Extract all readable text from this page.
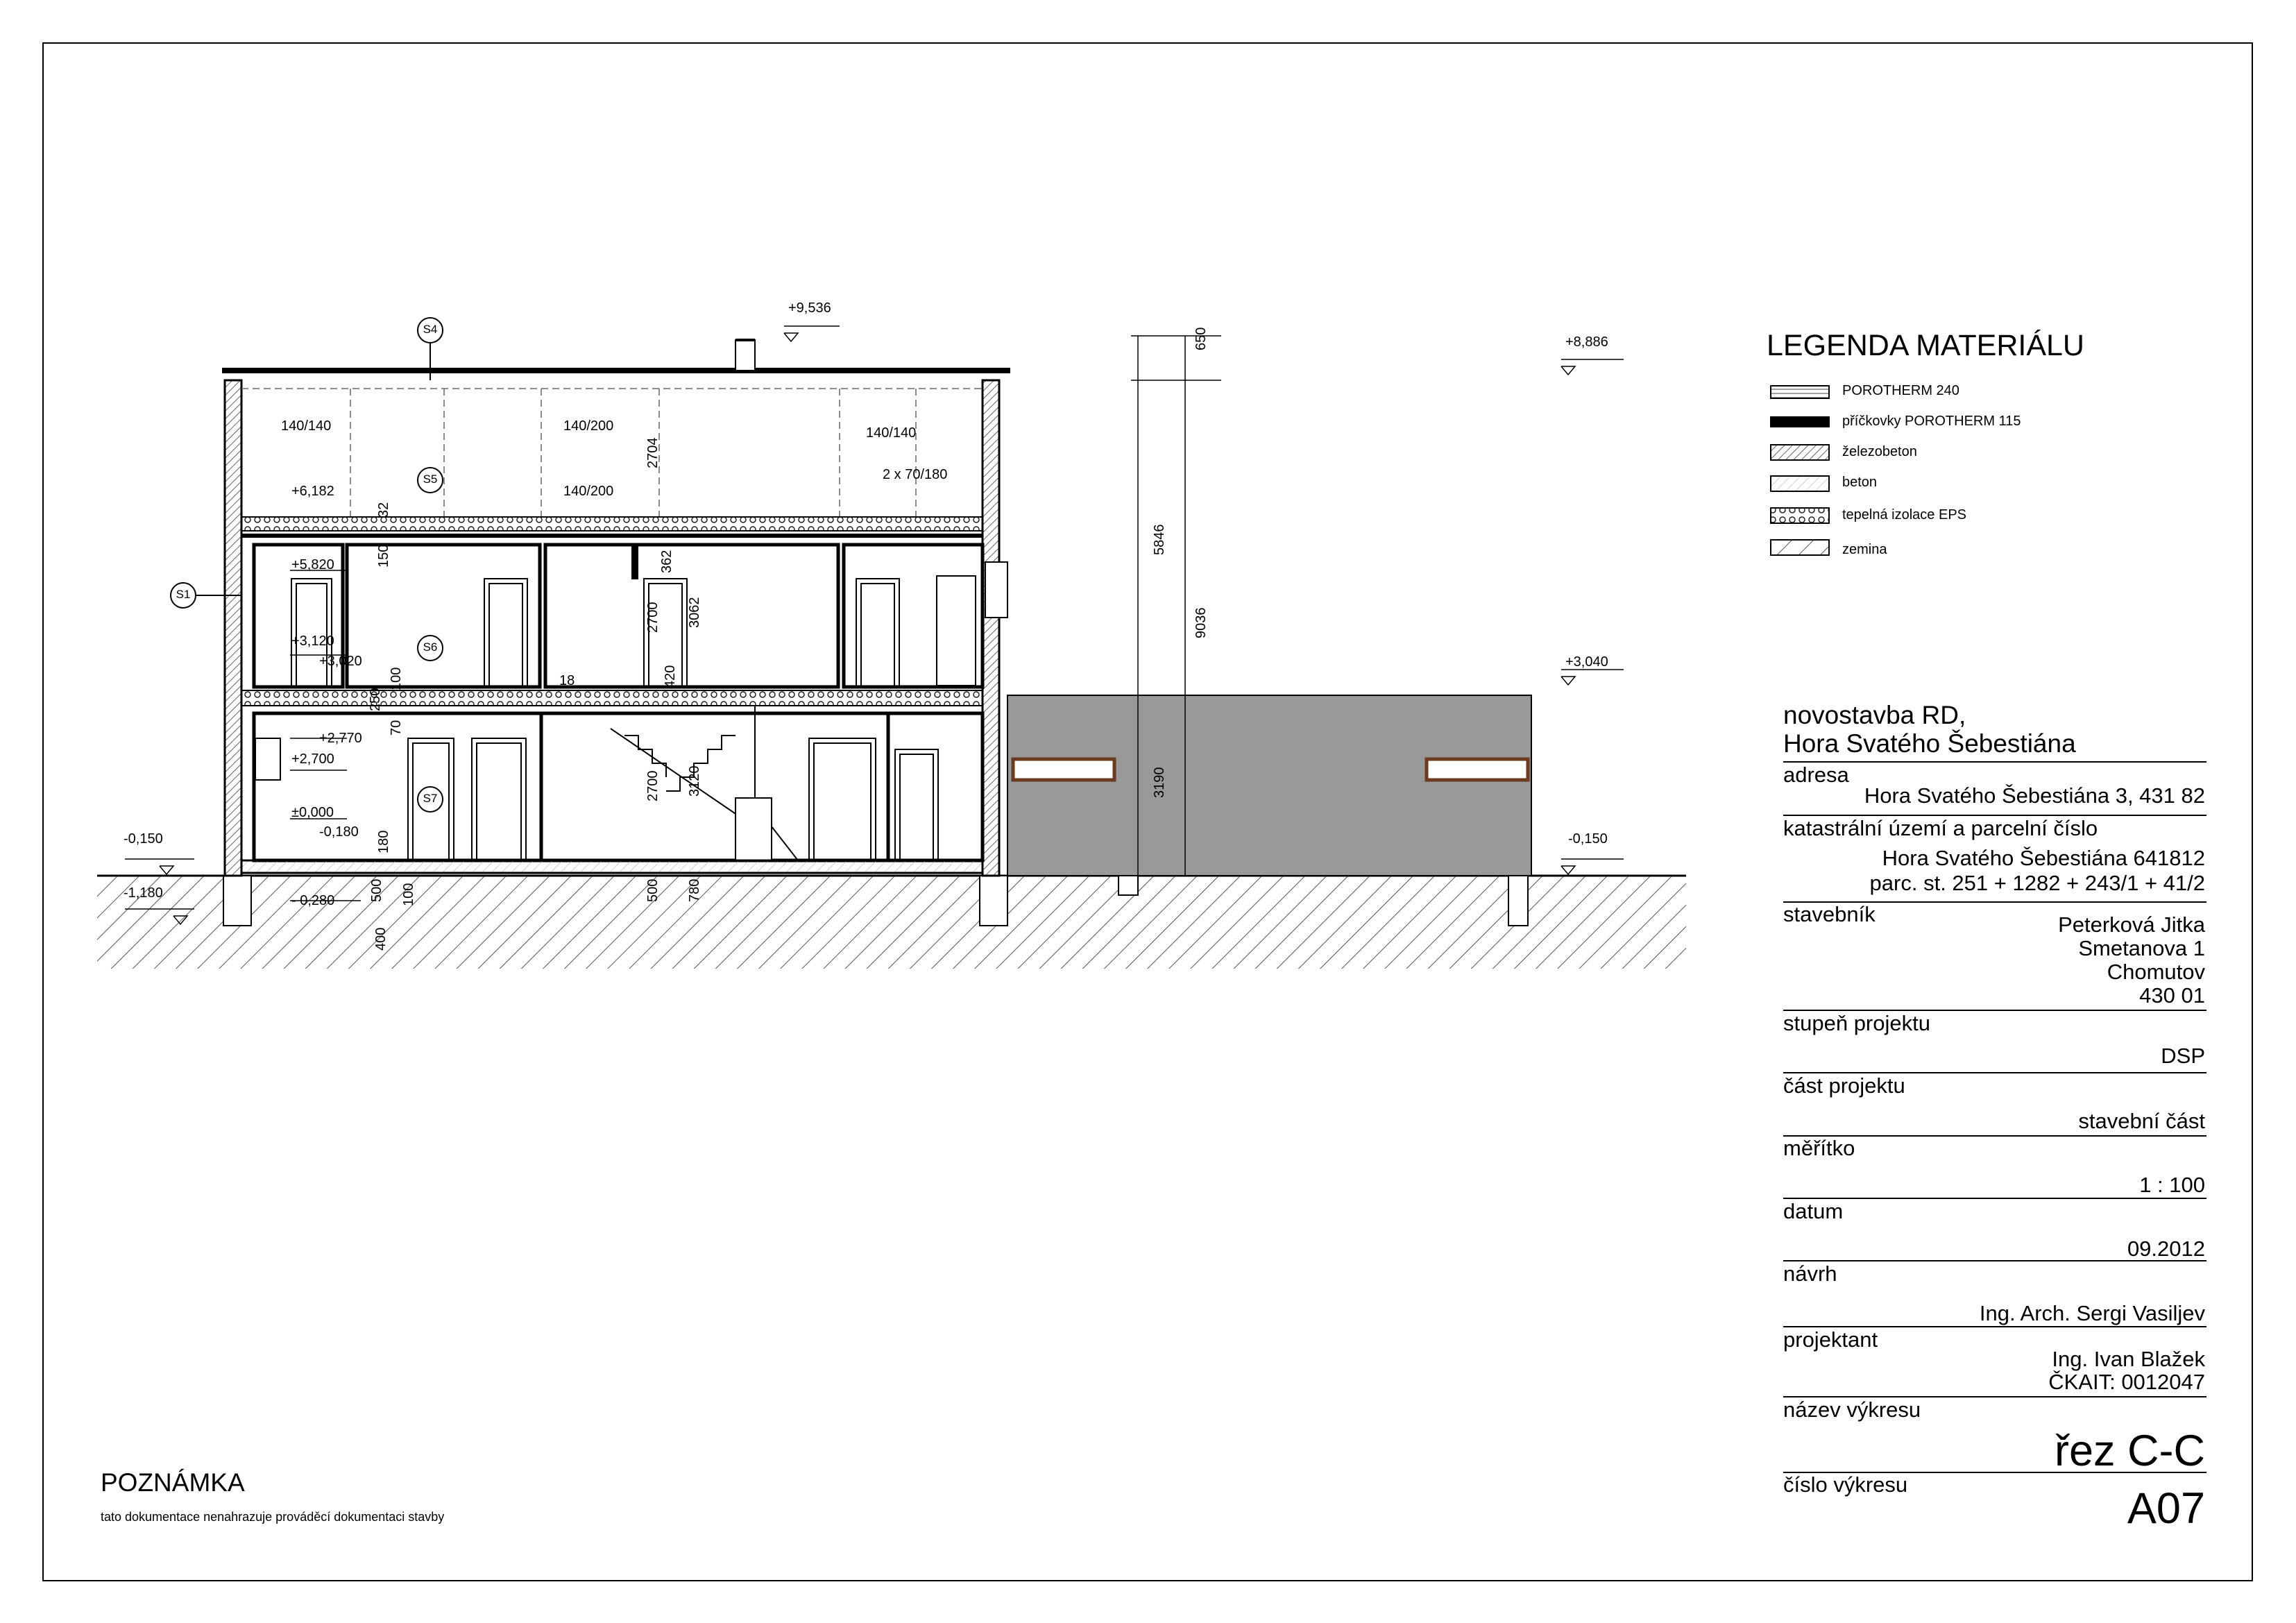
+9,536
+8,886
+6,182
+5,820
+3,120
+3,020	+3,040
+2,770
+2,700
±0,000
-0,180
- 0,280
-0,150	-0,150
-1,180
650
5846
9036
3190
2704
2700 3062
362
420
2700 3120
500 780
500 100
400
180
150
32
100
250
70
18
140/140	140/200	140/140
140/200
2 x 70/180
S4
S5
S1
S6
S7
LEGENDA MATERIÁLU
POROTHERM 240
příčkovky POROTHERM 115
železobeton
beton
tepelná izolace EPS
zemina
novostavba RD,
Hora Svatého Šebestiána
adresa
Hora Svatého Šebestiána 3, 431 82
katastrální území a parcelní číslo
Hora Svatého Šebestiána 641812
parc. st. 251 + 1282 + 243/1 + 41/2
stavebník	Peterková Jitka
Smetanova 1
Chomutov
430 01
stupeň projektu
DSP
část projektu
stavební část
měřítko
1 : 100
datum
09.2012
návrh
Ing. Arch. Sergi Vasiljev
projektant
Ing. Ivan Blažek
ČKAIT: 0012047
název výkresu
řez C-C
číslo výkresu	A07
POZNÁMKA
tato dokumentace nenahrazuje prováděcí dokumentaci stavby
